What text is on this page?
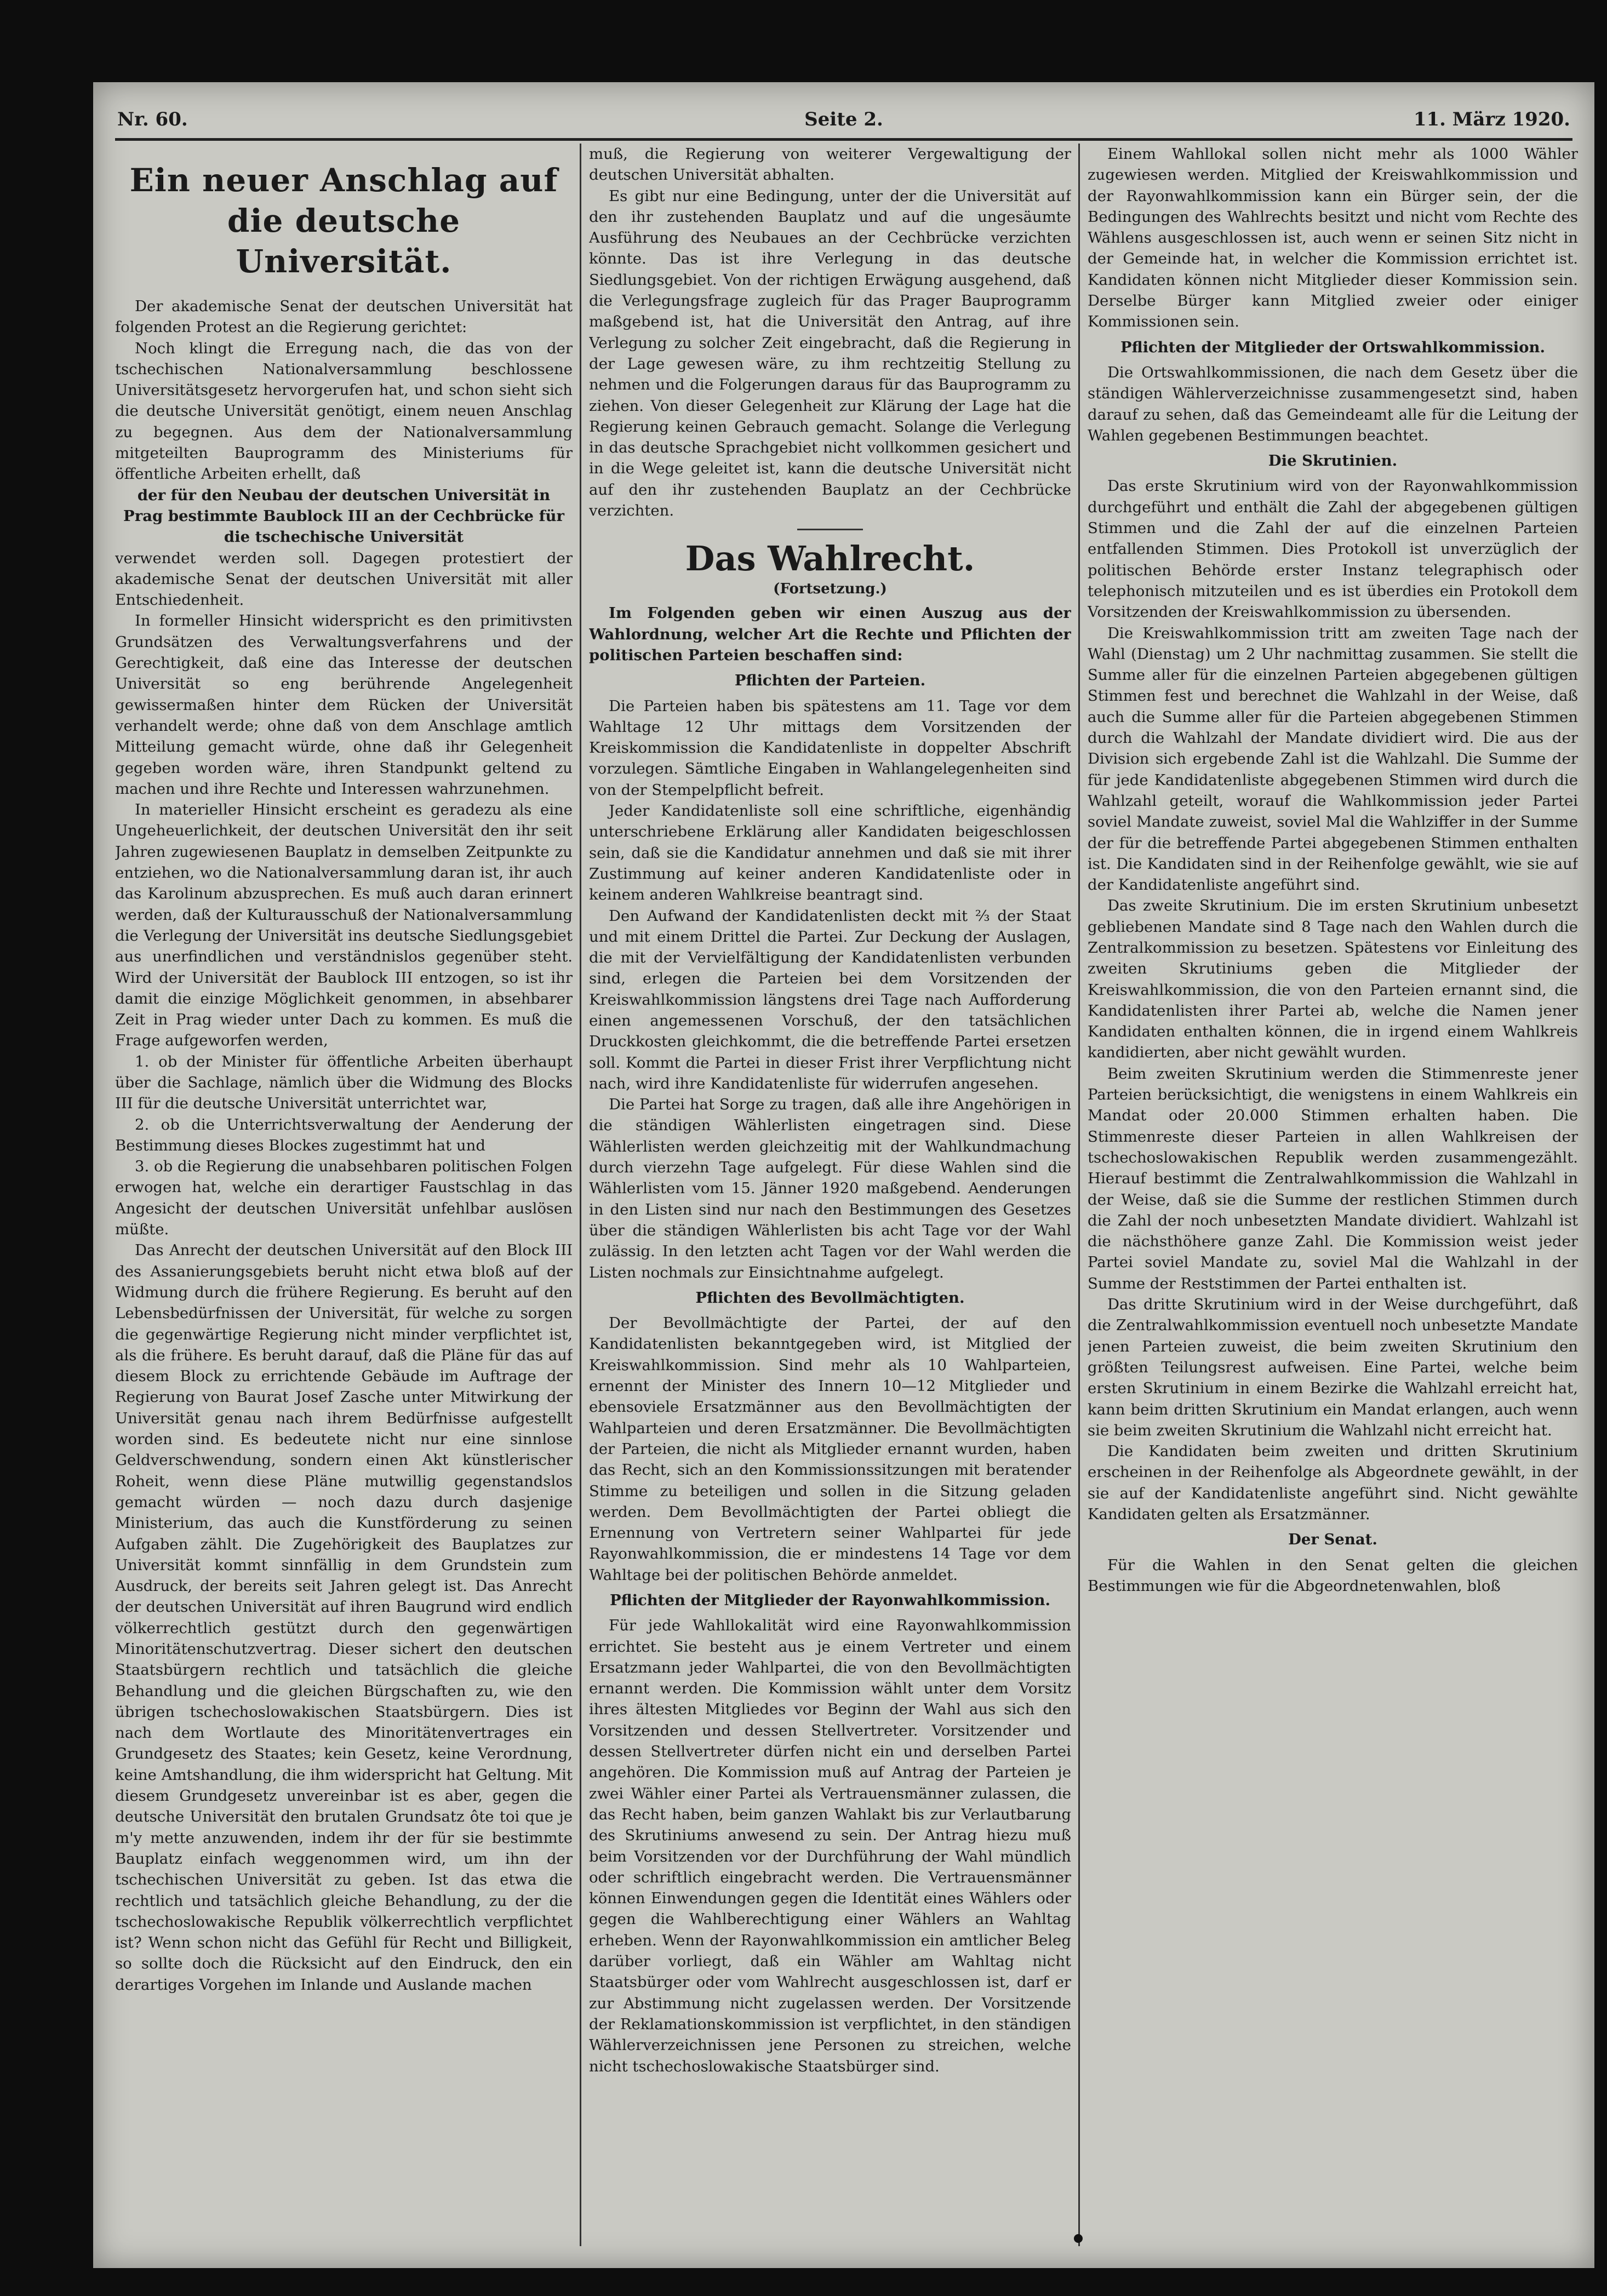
Nr. 60.	Seite 2.	11. März 1920.
Ein neuer Anschlag auf die deutsche Universität.

Der akademische Senat der deutschen Universität hat folgenden Protest an die Regierung gerichtet:

Noch klingt die Erregung nach, die das von der tschechischen Nationalversammlung beschlossene Universitätsgesetz hervorgerufen hat, und schon sieht sich die deutsche Universität genötigt, einem neuen Anschlag zu begegnen. Aus dem der Nationalversammlung mitgeteilten Bauprogramm des Ministeriums für öffentliche Arbeiten erhellt, daß

der für den Neubau der deutschen Universität in Prag bestimmte Baublock III an der Cechbrücke für die tschechische Universität

verwendet werden soll. Dagegen protestiert der akademische Senat der deutschen Universität mit aller Entschiedenheit.

In formeller Hinsicht widerspricht es den primitivsten Grundsätzen des Verwaltungsverfahrens und der Gerechtigkeit, daß eine das Interesse der deutschen Universität so eng berührende Angelegenheit gewissermaßen hinter dem Rücken der Universität verhandelt werde; ohne daß von dem Anschlage amtlich Mitteilung gemacht würde, ohne daß ihr Gelegenheit gegeben worden wäre, ihren Standpunkt geltend zu machen und ihre Rechte und Interessen wahrzunehmen.

In materieller Hinsicht erscheint es geradezu als eine Ungeheuerlichkeit, der deutschen Universität den ihr seit Jahren zugewiesenen Bauplatz in demselben Zeitpunkte zu entziehen, wo die Nationalversammlung daran ist, ihr auch das Karolinum abzusprechen. Es muß auch daran erinnert werden, daß der Kulturausschuß der Nationalversammlung die Verlegung der Universität ins deutsche Siedlungsgebiet aus unerfindlichen und verständnislos gegenüber steht. Wird der Universität der Baublock III entzogen, so ist ihr damit die einzige Möglichkeit genommen, in absehbarer Zeit in Prag wieder unter Dach zu kommen. Es muß die Frage aufgeworfen werden,

1. ob der Minister für öffentliche Arbeiten überhaupt über die Sachlage, nämlich über die Widmung des Blocks III für die deutsche Universität unterrichtet war,

2. ob die Unterrichtsverwaltung der Aenderung der Bestimmung dieses Blockes zugestimmt hat und

3. ob die Regierung die unabsehbaren politischen Folgen erwogen hat, welche ein derartiger Faustschlag in das Angesicht der deutschen Universität unfehlbar auslösen müßte.

Das Anrecht der deutschen Universität auf den Block III des Assanierungsgebiets beruht nicht etwa bloß auf der Widmung durch die frühere Regierung. Es beruht auf den Lebensbedürfnissen der Universität, für welche zu sorgen die gegenwärtige Regierung nicht minder verpflichtet ist, als die frühere. Es beruht darauf, daß die Pläne für das auf diesem Block zu errichtende Gebäude im Auftrage der Regierung von Baurat Josef Zasche unter Mitwirkung der Universität genau nach ihrem Bedürfnisse aufgestellt worden sind. Es bedeutete nicht nur eine sinnlose Geldverschwendung, sondern einen Akt künstlerischer Roheit, wenn diese Pläne mutwillig gegenstandslos gemacht würden — noch dazu durch dasjenige Ministerium, das auch die Kunstförderung zu seinen Aufgaben zählt. Die Zugehörigkeit des Bauplatzes zur Universität kommt sinnfällig in dem Grundstein zum Ausdruck, der bereits seit Jahren gelegt ist. Das Anrecht der deutschen Universität auf ihren Baugrund wird endlich völkerrechtlich gestützt durch den gegenwärtigen Minoritätenschutzvertrag. Dieser sichert den deutschen Staatsbürgern rechtlich und tatsächlich die gleiche Behandlung und die gleichen Bürgschaften zu, wie den übrigen tschechoslowakischen Staatsbürgern. Dies ist nach dem Wortlaute des Minoritätenvertrages ein Grundgesetz des Staates; kein Gesetz, keine Verordnung, keine Amtshandlung, die ihm widerspricht hat Geltung. Mit diesem Grundgesetz unvereinbar ist es aber, gegen die deutsche Universität den brutalen Grundsatz ôte toi que je m'y mette anzuwenden, indem ihr der für sie bestimmte Bauplatz einfach weggenommen wird, um ihn der tschechischen Universität zu geben. Ist das etwa die rechtlich und tatsächlich gleiche Behandlung, zu der die tschechoslowakische Republik völkerrechtlich verpflichtet ist? Wenn schon nicht das Gefühl für Recht und Billigkeit, so sollte doch die Rücksicht auf den Eindruck, den ein derartiges Vorgehen im Inlande und Auslande machen

muß, die Regierung von weiterer Vergewaltigung der deutschen Universität abhalten.

Es gibt nur eine Bedingung, unter der die Universität auf den ihr zustehenden Bauplatz und auf die ungesäumte Ausführung des Neubaues an der Cechbrücke verzichten könnte. Das ist ihre Verlegung in das deutsche Siedlungsgebiet. Von der richtigen Erwägung ausgehend, daß die Verlegungsfrage zugleich für das Prager Bauprogramm maßgebend ist, hat die Universität den Antrag, auf ihre Verlegung zu solcher Zeit eingebracht, daß die Regierung in der Lage gewesen wäre, zu ihm rechtzeitig Stellung zu nehmen und die Folgerungen daraus für das Bauprogramm zu ziehen. Von dieser Gelegenheit zur Klärung der Lage hat die Regierung keinen Gebrauch gemacht. Solange die Verlegung in das deutsche Sprachgebiet nicht vollkommen gesichert und in die Wege geleitet ist, kann die deutsche Universität nicht auf den ihr zustehenden Bauplatz an der Cechbrücke verzichten.

Das Wahlrecht.
(Fortsetzung.)

Im Folgenden geben wir einen Auszug aus der Wahlordnung, welcher Art die Rechte und Pflichten der politischen Parteien beschaffen sind:

Pflichten der Parteien.

Die Parteien haben bis spätestens am 11. Tage vor dem Wahltage 12 Uhr mittags dem Vorsitzenden der Kreiskommission die Kandidatenliste in doppelter Abschrift vorzulegen. Sämtliche Eingaben in Wahlangelegenheiten sind von der Stempelpflicht befreit.

Jeder Kandidatenliste soll eine schriftliche, eigenhändig unterschriebene Erklärung aller Kandidaten beigeschlossen sein, daß sie die Kandidatur annehmen und daß sie mit ihrer Zustimmung auf keiner anderen Kandidatenliste oder in keinem anderen Wahlkreise beantragt sind.

Den Aufwand der Kandidatenlisten deckt mit ⅔ der Staat und mit einem Drittel die Partei. Zur Deckung der Auslagen, die mit der Vervielfältigung der Kandidatenlisten verbunden sind, erlegen die Parteien bei dem Vorsitzenden der Kreiswahlkommission längstens drei Tage nach Aufforderung einen angemessenen Vorschuß, der den tatsächlichen Druckkosten gleichkommt, die die betreffende Partei ersetzen soll. Kommt die Partei in dieser Frist ihrer Verpflichtung nicht nach, wird ihre Kandidatenliste für widerrufen angesehen.

Die Partei hat Sorge zu tragen, daß alle ihre Angehörigen in die ständigen Wählerlisten eingetragen sind. Diese Wählerlisten werden gleichzeitig mit der Wahlkundmachung durch vierzehn Tage aufgelegt. Für diese Wahlen sind die Wählerlisten vom 15. Jänner 1920 maßgebend. Aenderungen in den Listen sind nur nach den Bestimmungen des Gesetzes über die ständigen Wählerlisten bis acht Tage vor der Wahl zulässig. In den letzten acht Tagen vor der Wahl werden die Listen nochmals zur Einsichtnahme aufgelegt.

Pflichten des Bevollmächtigten.

Der Bevollmächtigte der Partei, der auf den Kandidatenlisten bekanntgegeben wird, ist Mitglied der Kreiswahlkommission. Sind mehr als 10 Wahlparteien, ernennt der Minister des Innern 10—12 Mitglieder und ebensoviele Ersatzmänner aus den Bevollmächtigten der Wahlparteien und deren Ersatzmänner. Die Bevollmächtigten der Parteien, die nicht als Mitglieder ernannt wurden, haben das Recht, sich an den Kommissionssitzungen mit beratender Stimme zu beteiligen und sollen in die Sitzung geladen werden. Dem Bevollmächtigten der Partei obliegt die Ernennung von Vertretern seiner Wahlpartei für jede Rayonwahlkommission, die er mindestens 14 Tage vor dem Wahltage bei der politischen Behörde anmeldet.

Pflichten der Mitglieder der Rayonwahlkommission.

Für jede Wahllokalität wird eine Rayonwahlkommission errichtet. Sie besteht aus je einem Vertreter und einem Ersatzmann jeder Wahlpartei, die von den Bevollmächtigten ernannt werden. Die Kommission wählt unter dem Vorsitz ihres ältesten Mitgliedes vor Beginn der Wahl aus sich den Vorsitzenden und dessen Stellvertreter. Vorsitzender und dessen Stellvertreter dürfen nicht ein und derselben Partei angehören. Die Kommission muß auf Antrag der Parteien je zwei Wähler einer Partei als Vertrauensmänner zulassen, die das Recht haben, beim ganzen Wahlakt bis zur Verlautbarung des Skrutiniums anwesend zu sein. Der Antrag hiezu muß beim Vorsitzenden vor der Durchführung der Wahl mündlich oder schriftlich eingebracht werden. Die Vertrauensmänner können Einwendungen gegen die Identität eines Wählers oder gegen die Wahlberechtigung einer Wählers an Wahltag erheben. Wenn der Rayonwahlkommission ein amtlicher Beleg darüber vorliegt, daß ein Wähler am Wahltag nicht Staatsbürger oder vom Wahlrecht ausgeschlossen ist, darf er zur Abstimmung nicht zugelassen werden. Der Vorsitzende der Reklamationskommission ist verpflichtet, in den ständigen Wählerverzeichnissen jene Personen zu streichen, welche nicht tschechoslowakische Staatsbürger sind.

Einem Wahllokal sollen nicht mehr als 1000 Wähler zugewiesen werden. Mitglied der Kreiswahlkommission und der Rayonwahlkommission kann ein Bürger sein, der die Bedingungen des Wahlrechts besitzt und nicht vom Rechte des Wählens ausgeschlossen ist, auch wenn er seinen Sitz nicht in der Gemeinde hat, in welcher die Kommission errichtet ist. Kandidaten können nicht Mitglieder dieser Kommission sein. Derselbe Bürger kann Mitglied zweier oder einiger Kommissionen sein.

Pflichten der Mitglieder der Ortswahlkommission.

Die Ortswahlkommissionen, die nach dem Gesetz über die ständigen Wählerverzeichnisse zusammengesetzt sind, haben darauf zu sehen, daß das Gemeindeamt alle für die Leitung der Wahlen gegebenen Bestimmungen beachtet.

Die Skrutinien.

Das erste Skrutinium wird von der Rayonwahlkommission durchgeführt und enthält die Zahl der abgegebenen gültigen Stimmen und die Zahl der auf die einzelnen Parteien entfallenden Stimmen. Dies Protokoll ist unverzüglich der politischen Behörde erster Instanz telegraphisch oder telephonisch mitzuteilen und es ist überdies ein Protokoll dem Vorsitzenden der Kreiswahlkommission zu übersenden.

Die Kreiswahlkommission tritt am zweiten Tage nach der Wahl (Dienstag) um 2 Uhr nachmittag zusammen. Sie stellt die Summe aller für die einzelnen Parteien abgegebenen gültigen Stimmen fest und berechnet die Wahlzahl in der Weise, daß auch die Summe aller für die Parteien abgegebenen Stimmen durch die Wahlzahl der Mandate dividiert wird. Die aus der Division sich ergebende Zahl ist die Wahlzahl. Die Summe der für jede Kandidatenliste abgegebenen Stimmen wird durch die Wahlzahl geteilt, worauf die Wahlkommission jeder Partei soviel Mandate zuweist, soviel Mal die Wahlziffer in der Summe der für die betreffende Partei abgegebenen Stimmen enthalten ist. Die Kandidaten sind in der Reihenfolge gewählt, wie sie auf der Kandidatenliste angeführt sind.

Das zweite Skrutinium. Die im ersten Skrutinium unbesetzt gebliebenen Mandate sind 8 Tage nach den Wahlen durch die Zentralkommission zu besetzen. Spätestens vor Einleitung des zweiten Skrutiniums geben die Mitglieder der Kreiswahlkommission, die von den Parteien ernannt sind, die Kandidatenlisten ihrer Partei ab, welche die Namen jener Kandidaten enthalten können, die in irgend einem Wahlkreis kandidierten, aber nicht gewählt wurden.

Beim zweiten Skrutinium werden die Stimmenreste jener Parteien berücksichtigt, die wenigstens in einem Wahlkreis ein Mandat oder 20.000 Stimmen erhalten haben. Die Stimmenreste dieser Parteien in allen Wahlkreisen der tschechoslowakischen Republik werden zusammengezählt. Hierauf bestimmt die Zentralwahlkommission die Wahlzahl in der Weise, daß sie die Summe der restlichen Stimmen durch die Zahl der noch unbesetzten Mandate dividiert. Wahlzahl ist die nächsthöhere ganze Zahl. Die Kommission weist jeder Partei soviel Mandate zu, soviel Mal die Wahlzahl in der Summe der Reststimmen der Partei enthalten ist.

Das dritte Skrutinium wird in der Weise durchgeführt, daß die Zentralwahlkommission eventuell noch unbesetzte Mandate jenen Parteien zuweist, die beim zweiten Skrutinium den größten Teilungsrest aufweisen. Eine Partei, welche beim ersten Skrutinium in einem Bezirke die Wahlzahl erreicht hat, kann beim dritten Skrutinium ein Mandat erlangen, auch wenn sie beim zweiten Skrutinium die Wahlzahl nicht erreicht hat.

Die Kandidaten beim zweiten und dritten Skrutinium erscheinen in der Reihenfolge als Abgeordnete gewählt, in der sie auf der Kandidatenliste angeführt sind. Nicht gewählte Kandidaten gelten als Ersatzmänner.

Der Senat.

Für die Wahlen in den Senat gelten die gleichen Bestimmungen wie für die Abgeordnetenwahlen, bloß
